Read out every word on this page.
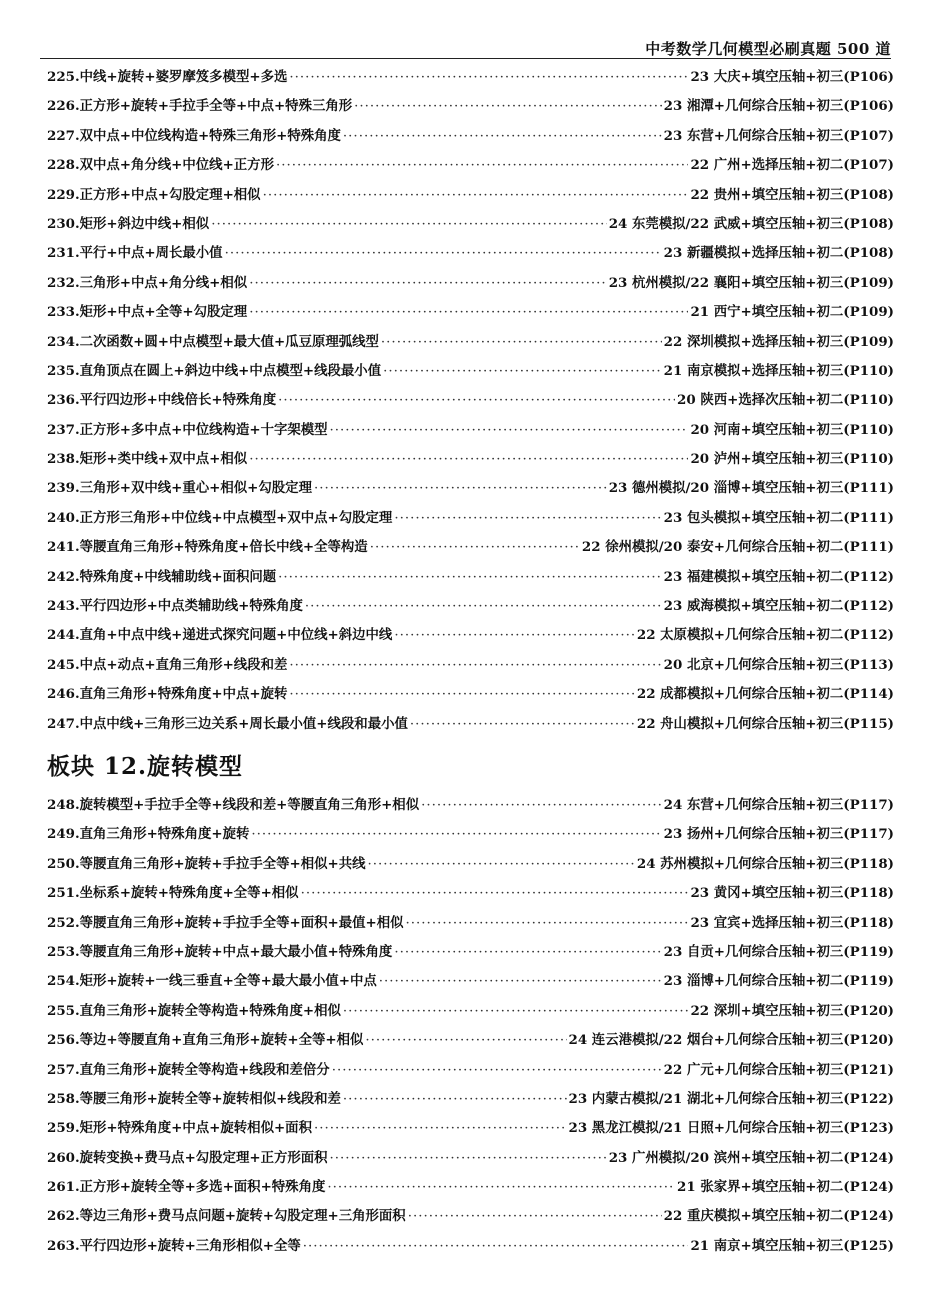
中考数学几何模型必刷真题 500 道
225.中线+旋转+婆罗摩笈多模型+多选 ·····	23 大庆+填空压轴+初三(P106)
226.正方形+旋转+手拉手全等+中点+特殊三角形 ·····	23 湘潭+几何综合压轴+初三(P106)
227.双中点+中位线构造+特殊三角形+特殊角度 ·····	23 东营+几何综合压轴+初三(P107)
228.双中点+角分线+中位线+正方形 ·····	22 广州+选择压轴+初二(P107)
229.正方形+中点+勾股定理+相似 ·····	22 贵州+填空压轴+初三(P108)
230.矩形+斜边中线+相似 ·····	24 东莞模拟/22 武威+填空压轴+初三(P108)
231.平行+中点+周长最小值 ·····	23 新疆模拟+选择压轴+初二(P108)
232.三角形+中点+角分线+相似 ·····	23 杭州模拟/22 襄阳+填空压轴+初三(P109)
233.矩形+中点+全等+勾股定理 ·····	21 西宁+填空压轴+初二(P109)
234.二次函数+圆+中点模型+最大值+瓜豆原理弧线型 ·····	22 深圳模拟+选择压轴+初三(P109)
235.直角顶点在圆上+斜边中线+中点模型+线段最小值 ·····	21 南京模拟+选择压轴+初三(P110)
236.平行四边形+中线倍长+特殊角度 ·····	20 陕西+选择次压轴+初二(P110)
237.正方形+多中点+中位线构造+十字架模型 ·····	20 河南+填空压轴+初三(P110)
238.矩形+类中线+双中点+相似 ·····	20 泸州+填空压轴+初三(P110)
239.三角形+双中线+重心+相似+勾股定理 ·····	23 德州模拟/20 淄博+填空压轴+初三(P111)
240.正方形三角形+中位线+中点模型+双中点+勾股定理 ·····	23 包头模拟+填空压轴+初二(P111)
241.等腰直角三角形+特殊角度+倍长中线+全等构造 ·····	22 徐州模拟/20 泰安+几何综合压轴+初二(P111)
242.特殊角度+中线辅助线+面积问题 ·····	23 福建模拟+填空压轴+初二(P112)
243.平行四边形+中点类辅助线+特殊角度 ·····	23 威海模拟+填空压轴+初二(P112)
244.直角+中点中线+递进式探究问题+中位线+斜边中线 ·····	22 太原模拟+几何综合压轴+初二(P112)
245.中点+动点+直角三角形+线段和差 ·····	20 北京+几何综合压轴+初三(P113)
246.直角三角形+特殊角度+中点+旋转 ·····	22 成都模拟+几何综合压轴+初二(P114)
247.中点中线+三角形三边关系+周长最小值+线段和最小值 ·····	22 舟山模拟+几何综合压轴+初三(P115)
板块 12.旋转模型
248.旋转模型+手拉手全等+线段和差+等腰直角三角形+相似 ·····	24 东营+几何综合压轴+初三(P117)
249.直角三角形+特殊角度+旋转 ·····	23 扬州+几何综合压轴+初三(P117)
250.等腰直角三角形+旋转+手拉手全等+相似+共线 ·····	24 苏州模拟+几何综合压轴+初三(P118)
251.坐标系+旋转+特殊角度+全等+相似 ·····	23 黄冈+填空压轴+初三(P118)
252.等腰直角三角形+旋转+手拉手全等+面积+最值+相似 ·····	23 宜宾+选择压轴+初三(P118)
253.等腰直角三角形+旋转+中点+最大最小值+特殊角度 ·····	23 自贡+几何综合压轴+初三(P119)
254.矩形+旋转+一线三垂直+全等+最大最小值+中点 ·····	23 淄博+几何综合压轴+初二(P119)
255.直角三角形+旋转全等构造+特殊角度+相似 ·····	22 深圳+填空压轴+初三(P120)
256.等边+等腰直角+直角三角形+旋转+全等+相似 ·····	24 连云港模拟/22 烟台+几何综合压轴+初三(P120)
257.直角三角形+旋转全等构造+线段和差倍分 ·····	22 广元+几何综合压轴+初三(P121)
258.等腰三角形+旋转全等+旋转相似+线段和差 ·····	23 内蒙古模拟/21 湖北+几何综合压轴+初三(P122)
259.矩形+特殊角度+中点+旋转相似+面积 ·····	23 黑龙江模拟/21 日照+几何综合压轴+初三(P123)
260.旋转变换+费马点+勾股定理+正方形面积 ·····	23 广州模拟/20 滨州+填空压轴+初二(P124)
261.正方形+旋转全等+多选+面积+特殊角度 ·····	21 张家界+填空压轴+初二(P124)
262.等边三角形+费马点问题+旋转+勾股定理+三角形面积 ·····	22 重庆模拟+填空压轴+初二(P124)
263.平行四边形+旋转+三角形相似+全等 ·····	21 南京+填空压轴+初三(P125)
